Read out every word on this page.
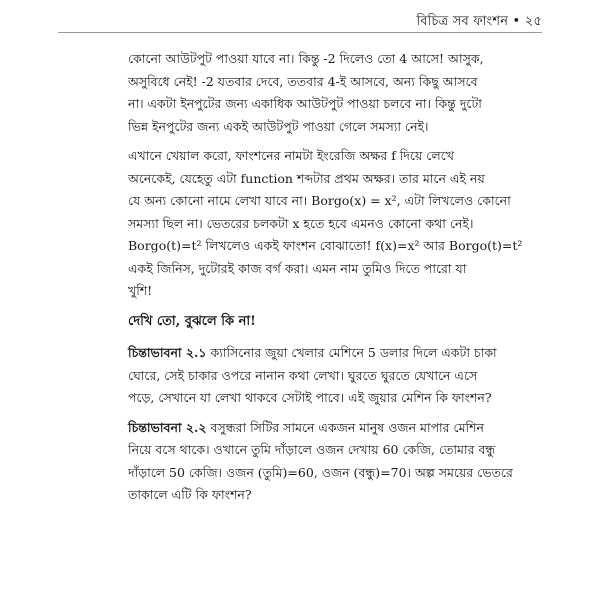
বিচিত্র সব ফাংশন • ২৫

কোনো আউটপুট পাওয়া যাবে না। কিন্তু -2 দিলেও তো 4 আসে! আসুক,
অসুবিধে নেই! -2 যতবার দেবে, ততবার 4-ই আসবে, অন্য কিছু আসবে
না। একটা ইনপুটের জন্য একাধিক আউটপুট পাওয়া চলবে না। কিন্তু দুটো
ভিন্ন ইনপুটের জন্য একই আউটপুট পাওয়া গেলে সমস্যা নেই।

এখানে খেয়াল করো, ফাংশনের নামটা ইংরেজি অক্ষর f দিয়ে লেখে
অনেকেই, যেহেতু এটা function শব্দটার প্রথম অক্ষর। তার মানে এই নয়
যে অন্য কোনো নামে লেখা যাবে না। Borgo(x) = x², এটা লিখলেও কোনো
সমস্যা ছিল না। ভেতরের চলকটা x হতে হবে এমনও কোনো কথা নেই।
Borgo(t)=t² লিখলেও একই ফাংশন বোঝাতো! f(x)=x² আর Borgo(t)=t²
একই জিনিস, দুটোরই কাজ বর্গ করা। এমন নাম তুমিও দিতে পারো যা
খুশি!

দেখি তো, বুঝলে কি না!

চিন্তাভাবনা ২.১ ক্যাসিনোর জুয়া খেলার মেশিনে 5 ডলার দিলে একটা চাকা
ঘোরে, সেই চাকার ওপরে নানান কথা লেখা। ঘুরতে ঘুরতে যেখানে এসে
পড়ে, সেখানে যা লেখা থাকবে সেটাই পাবে। এই জুয়ার মেশিন কি ফাংশন?

চিন্তাভাবনা ২.২ বসুন্ধরা সিটির সামনে একজন মানুষ ওজন মাপার মেশিন
নিয়ে বসে থাকে। ওখানে তুমি দাঁড়ালে ওজন দেখায় 60 কেজি, তোমার বন্ধু
দাঁড়ালে 50 কেজি। ওজন (তুমি)=60, ওজন (বন্ধু)=70। অল্প সময়ের ভেতরে
তাকালে এটি কি ফাংশন?
